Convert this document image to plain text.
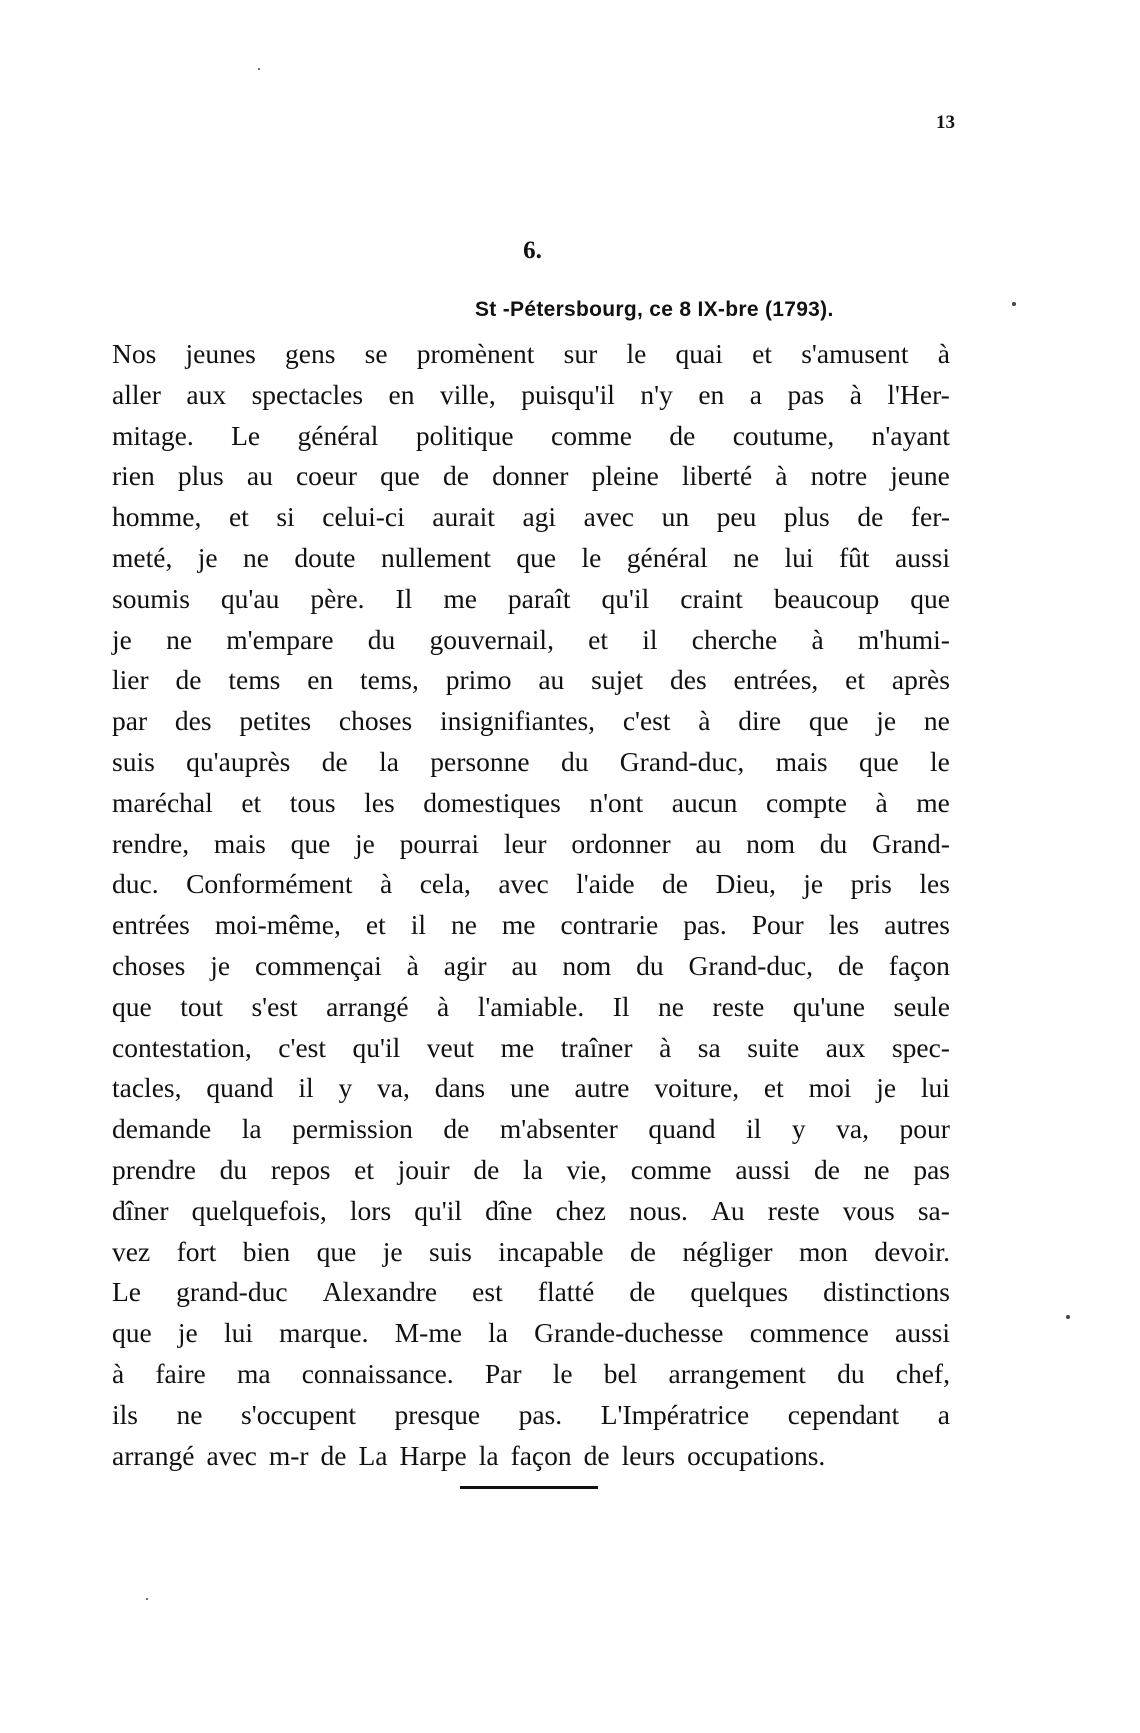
13
6.
St -Pétersbourg, ce 8 IX-bre (1793).
Nos jeunes gens se promènent sur le quai et s'amusent à
aller aux spectacles en ville, puisqu'il n'y en a pas à l'Her-
mitage. Le général politique comme de coutume, n'ayant
rien plus au coeur que de donner pleine liberté à notre jeune
homme, et si celui-ci aurait agi avec un peu plus de fer-
meté, je ne doute nullement que le général ne lui fût aussi
soumis qu'au père. Il me paraît qu'il craint beaucoup que
je ne m'empare du gouvernail, et il cherche à m'humi-
lier de tems en tems, primo au sujet des entrées, et après
par des petites choses insignifiantes, c'est à dire que je ne
suis qu'auprès de la personne du Grand-duc, mais que le
maréchal et tous les domestiques n'ont aucun compte à me
rendre, mais que je pourrai leur ordonner au nom du Grand-
duc. Conformément à cela, avec l'aide de Dieu, je pris les
entrées moi-même, et il ne me contrarie pas. Pour les autres
choses je commençai à agir au nom du Grand-duc, de façon
que tout s'est arrangé à l'amiable. Il ne reste qu'une seule
contestation, c'est qu'il veut me traîner à sa suite aux spec-
tacles, quand il y va, dans une autre voiture, et moi je lui
demande la permission de m'absenter quand il y va, pour
prendre du repos et jouir de la vie, comme aussi de ne pas
dîner quelquefois, lors qu'il dîne chez nous. Au reste vous sa-
vez fort bien que je suis incapable de négliger mon devoir.
Le grand-duc Alexandre est flatté de quelques distinctions
que je lui marque. M-me la Grande-duchesse commence aussi
à faire ma connaissance. Par le bel arrangement du chef,
ils ne s'occupent presque pas. L'Impératrice cependant a
arrangé avec m-r de La Harpe la façon de leurs occupations.
